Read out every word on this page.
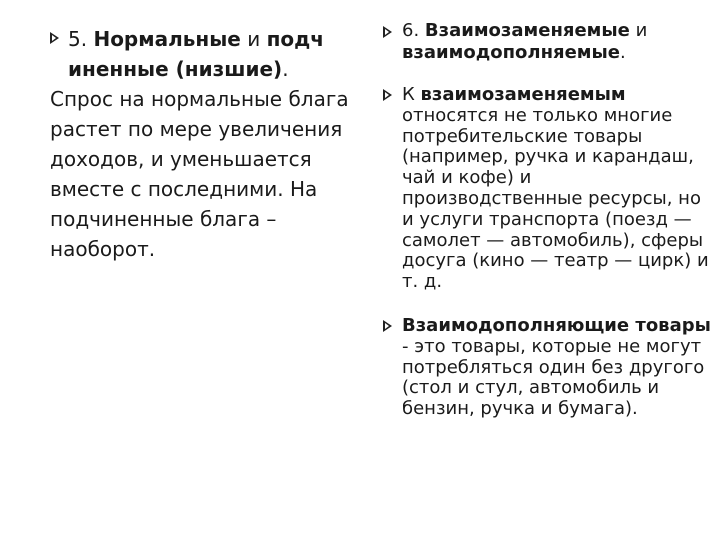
5. Нормальные и подч
иненные (низшие).

Спрос на нормальные блага растет по мере увеличения доходов, и уменьшается вместе с последними. На подчиненные блага – наоборот.

6. Взаимозаменяемые и
взаимодополняемые.

К взаимозаменяемым
относятся не только многие потребительские товары (например, ручка и карандаш, чай и кофе) и производственные ресурсы, но и услуги транспорта (поезд — самолет — автомобиль), сферы досуга (кино — театр — цирк) и т. д.

Взаимодополняющие товары - это товары, которые не могут потребляться один без другого (стол и стул, автомобиль и бензин, ручка и бумага).
